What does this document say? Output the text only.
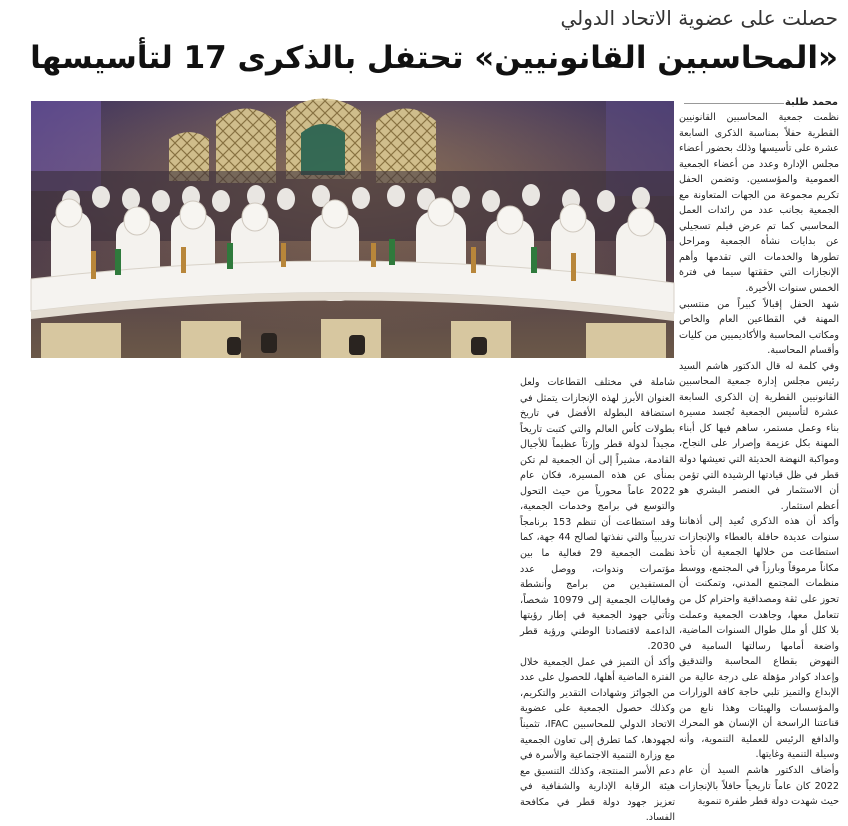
حصلت على عضوية الاتحاد الدولي
«المحاسبين القانونيين» تحتفل بالذكرى 17 لتأسيسها
محمد طلبة

نظمت جمعية المحاسبين القانونيين القطرية حفلاً بمناسبة الذكرى السابعة عشرة على تأسيسها وذلك بحضور أعضاء مجلس الإدارة وعدد من أعضاء الجمعية العمومية والمؤسسين. وتضمن الحفل تكريم مجموعة من الجهات المتعاونة مع الجمعية بجانب عدد من رائدات العمل المحاسبي كما تم عرض فيلم تسجيلي عن بدايات نشأة الجمعية ومراحل تطورها والخدمات التي تقدمها وأهم الإنجازات التي حققتها سيما في فترة الخمس سنوات الأخيرة.

شهد الحفل إقبالاً كبيراً من منتسبي المهنة في القطاعين العام والخاص ومكاتب المحاسبة والأكاديميين من كليات وأقسام المحاسبة.

وفي كلمة له قال الدكتور هاشم السيد رئيس مجلس إدارة جمعية المحاسبين القانونيين القطرية إن الذكرى السابعة عشرة لتأسيس الجمعية تُجسد مسيرة بناء وعمل مستمر، ساهم فيها كل أبناء المهنة بكل عزيمة وإصرار على النجاح، ومواكبة النهضة الحديثة التي تعيشها دولة قطر في ظل قيادتها الرشيدة التي تؤمن أن الاستثمار في العنصر البشري هو أعظم استثمار.

وأكد أن هذه الذكرى تُعيد إلى أذهاننا سنوات عديدة حافلة بالعطاء والإنجازات استطاعت من خلالها الجمعية أن تأخذ مكاناً مرموقاً وبارزاً في المجتمع، ووسط منظمات المجتمع المدني، وتمكنت أن تحوز على ثقة ومصداقية واحترام كل من تتعامل معها، وجاهدت الجمعية وعملت بلا كلل أو ملل طوال السنوات الماضية، واضعة أمامها رسالتها السامية في النهوض بقطاع المحاسبة والتدقيق وإعداد كوادر مؤهلة على درجة عالية من الإبداع والتميز تلبي حاجة كافة الوزارات والمؤسسات والهيئات وهذا نابع من قناعتنا الراسخة أن الإنسان هو المحرك والدافع الرئيس للعملية التنموية، وأنه وسيلة التنمية وغايتها.

وأضاف الدكتور هاشم السيد أن عام 2022 كان عاماً تاريخياً حافلاً بالإنجازات حيث شهدت دولة قطر طفرة تنموية

شاملة في مختلف القطاعات ولعل العنوان الأبرز لهذه الإنجازات يتمثل في استضافة البطولة الأفضل في تاريخ بطولات كأس العالم والتي كتبت تاريخاً مجيداً لدولة قطر وإرثاً عظيماً للأجيال القادمة، مشيراً إلى أن الجمعية لم تكن بمنأى عن هذه المسيرة، فكان عام 2022 عاماً محورياً من حيث التحول والتوسع في برامج وخدمات الجمعية، وقد استطاعت أن تنظم 153 برنامجاً تدريبياً والتي نفذتها لصالح 44 جهة، كما نظمت الجمعية 29 فعالية ما بين مؤتمرات وندوات، ووصل عدد المستفيدين من برامج وأنشطة وفعاليات الجمعية إلى 10979 شخصاً، وتأتي جهود الجمعية في إطار رؤيتها الداعمة لاقتصادنا الوطني ورؤية قطر 2030.

وأكد أن التميز في عمل الجمعية خلال الفترة الماضية أهلها، للحصول على عدد من الجوائز وشهادات التقدير والتكريم، وكذلك حصول الجمعية على عضوية الاتحاد الدولي للمحاسبين IFAC، تثميناً لجهودها، كما تطرق إلى تعاون الجمعية مع وزارة التنمية الاجتماعية والأسرة في دعم الأسر المنتجة، وكذلك التنسيق مع هيئة الرقابة الإدارية والشفافية في تعزيز جهود دولة قطر في مكافحة الفساد.
